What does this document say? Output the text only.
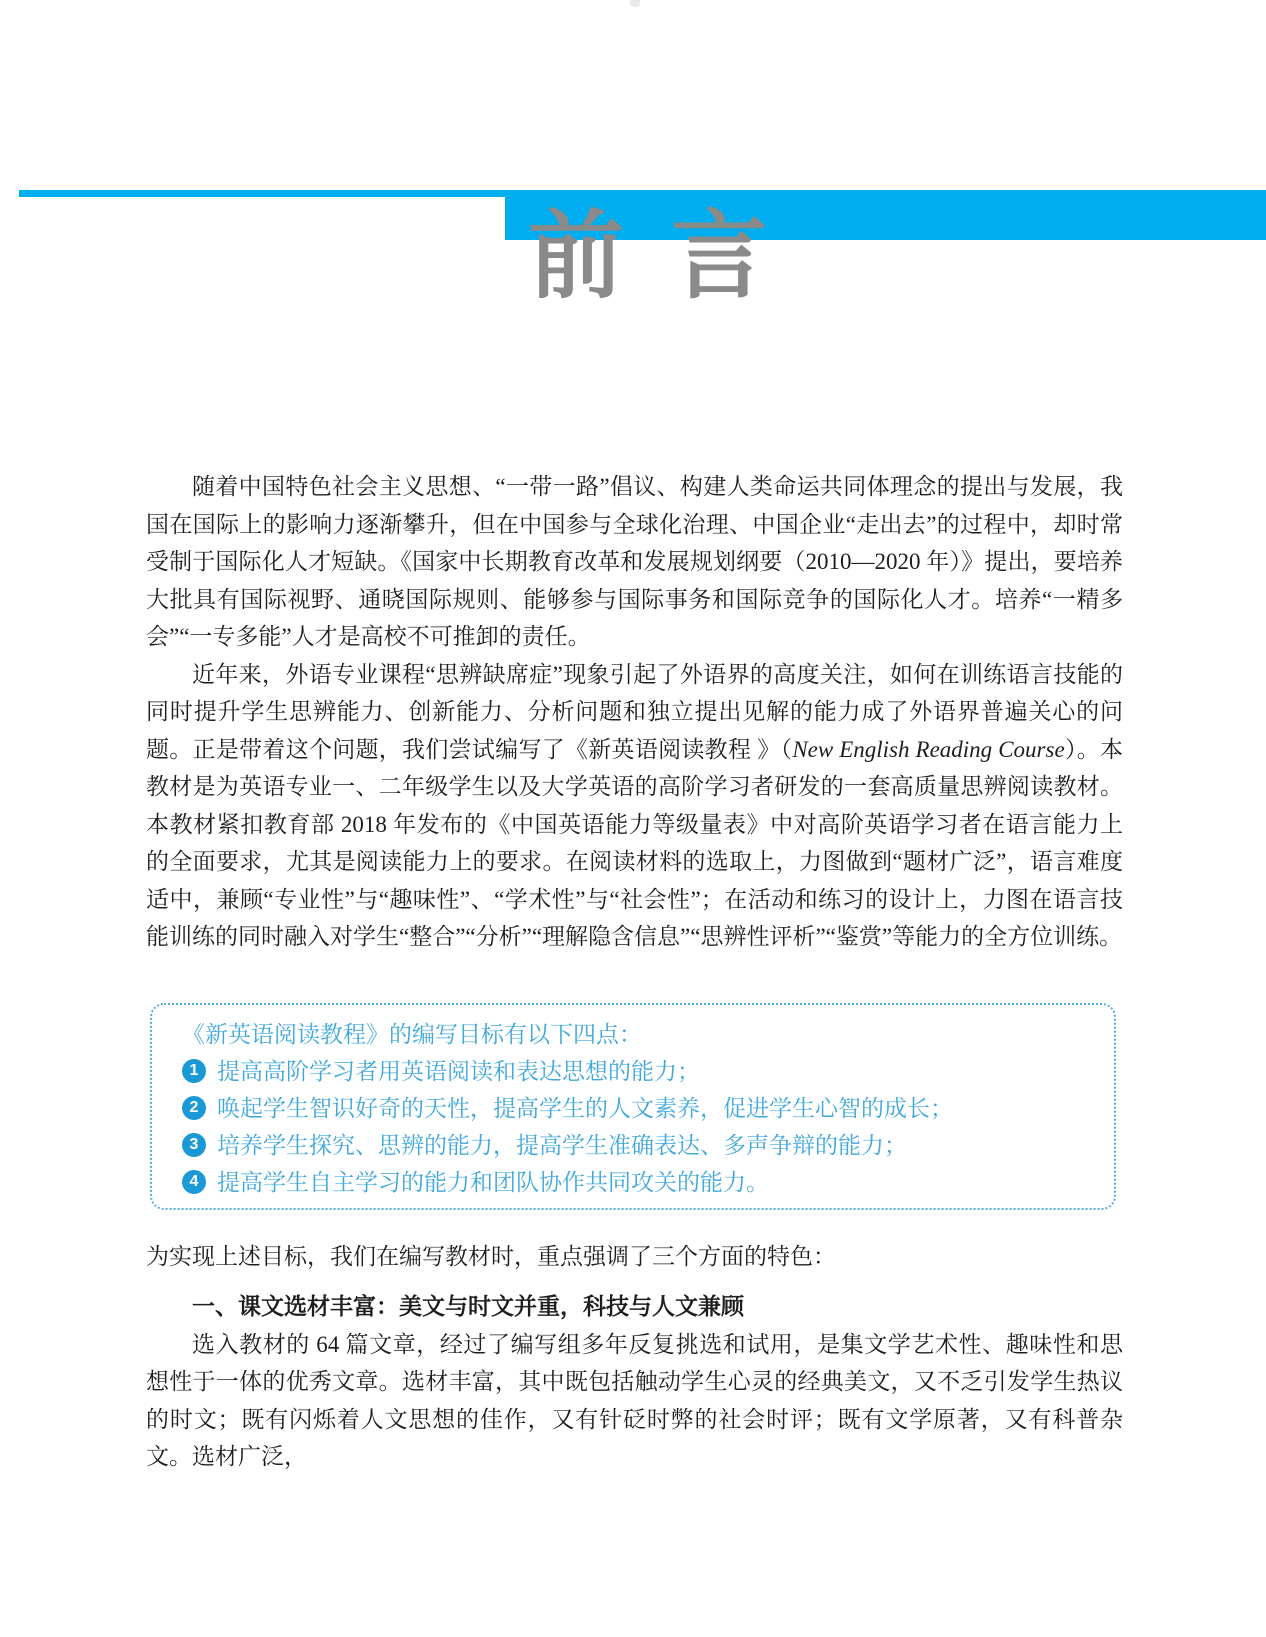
前 言

随着中国特色社会主义思想、“一带一路”倡议、构建人类命运共同体理念的提出与发展，我国在国际上的影响力逐渐攀升，但在中国参与全球化治理、中国企业“走出去”的过程中，却时常受制于国际化人才短缺。《国家中长期教育改革和发展规划纲要（2010—2020 年）》提出，要培养大批具有国际视野、通晓国际规则、能够参与国际事务和国际竞争的国际化人才。培养“一精多会”“一专多能”人才是高校不可推卸的责任。

近年来，外语专业课程“思辨缺席症”现象引起了外语界的高度关注，如何在训练语言技能的同时提升学生思辨能力、创新能力、分析问题和独立提出见解的能力成了外语界普遍关心的问题。正是带着这个问题，我们尝试编写了《新英语阅读教程 》（New English Reading Course）。本教材是为英语专业一、二年级学生以及大学英语的高阶学习者研发的一套高质量思辨阅读教材。本教材紧扣教育部 2018 年发布的《中国英语能力等级量表》中对高阶英语学习者在语言能力上的全面要求，尤其是阅读能力上的要求。在阅读材料的选取上，力图做到“题材广泛”，语言难度适中，兼顾“专业性”与“趣味性”、“学术性”与“社会性”；在活动和练习的设计上，力图在语言技能训练的同时融入对学生“整合”“分析”“理解隐含信息”“思辨性评析”“鉴赏”等能力的全方位训练。

《新英语阅读教程》的编写目标有以下四点：

1 提高高阶学习者用英语阅读和表达思想的能力；
2 唤起学生智识好奇的天性，提高学生的人文素养，促进学生心智的成长；
3 培养学生探究、思辨的能力，提高学生准确表达、多声争辩的能力；
4 提高学生自主学习的能力和团队协作共同攻关的能力。

为实现上述目标，我们在编写教材时，重点强调了三个方面的特色：

一、课文选材丰富：美文与时文并重，科技与人文兼顾

选入教材的 64 篇文章，经过了编写组多年反复挑选和试用，是集文学艺术性、趣味性和思想性于一体的优秀文章。选材丰富，其中既包括触动学生心灵的经典美文，又不乏引发学生热议的时文；既有闪烁着人文思想的佳作，又有针砭时弊的社会时评；既有文学原著，又有科普杂文。选材广泛，
